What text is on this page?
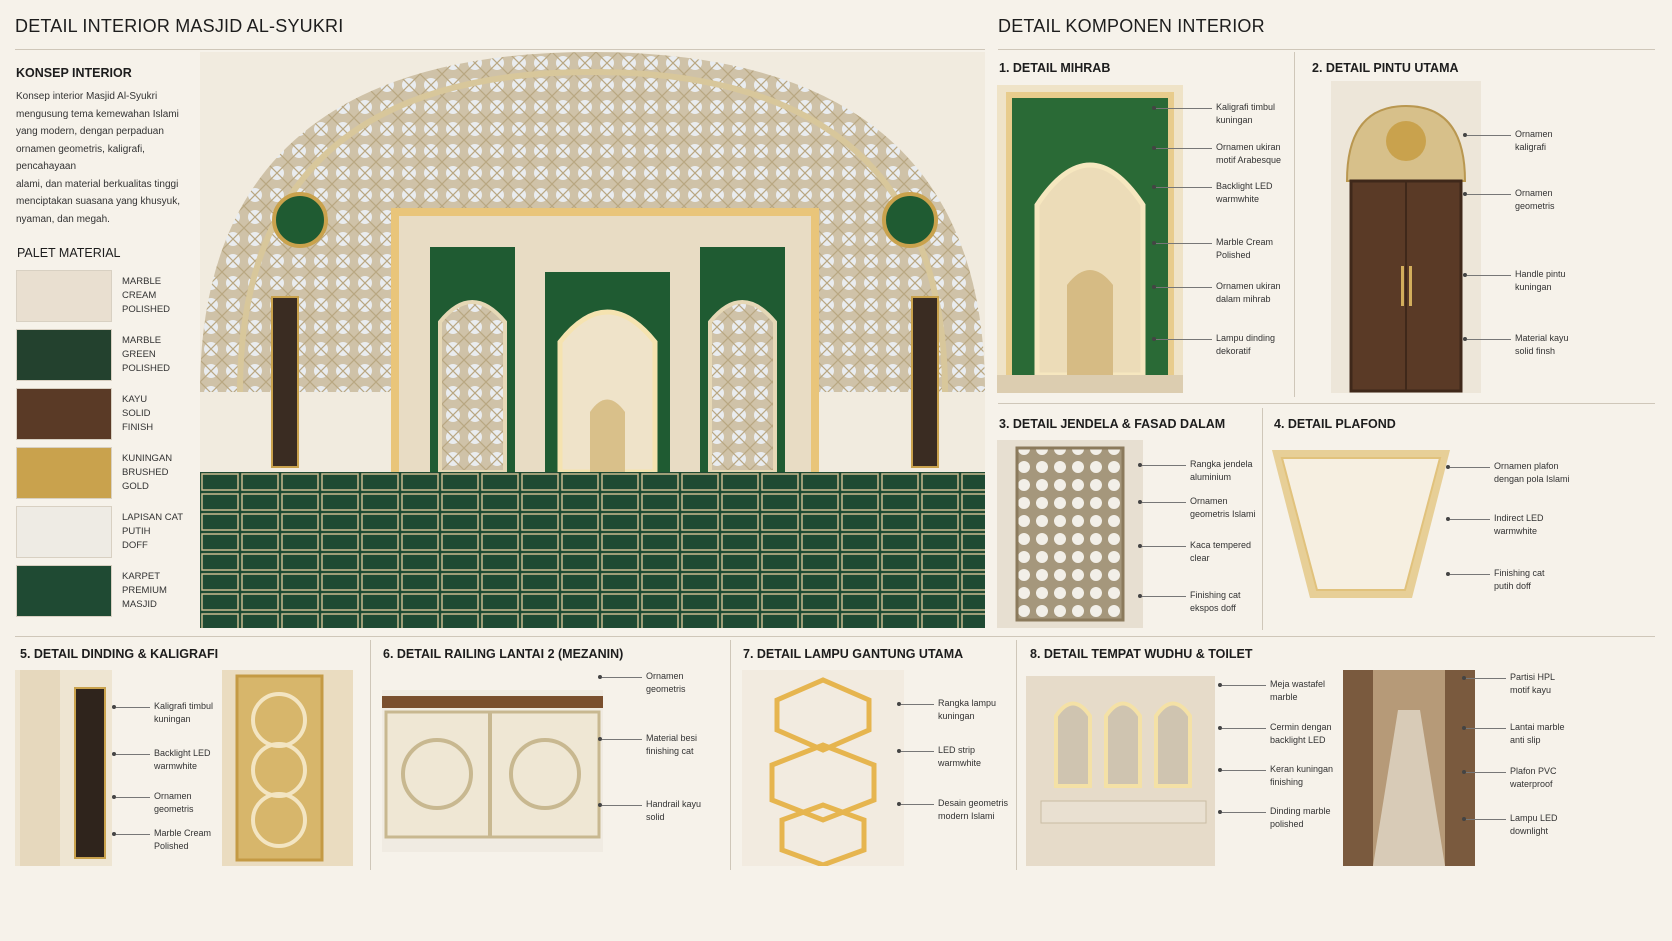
DETAIL INTERIOR MASJID AL-SYUKRI	DETAIL KOMPONEN INTERIOR
KONSEP INTERIOR
Konsep interior Masjid Al-Syukri
mengusung tema kemewahan Islami
yang modern, dengan perpaduan
ornamen geometris, kaligrafi, pencahayaan
alami, dan material berkualitas tinggi
menciptakan suasana yang khusyuk,
nyaman, dan megah.
PALET MATERIAL
MARBLE
CREAM
POLISHED
MARBLE
GREEN
POLISHED
KAYU
SOLID
FINISH
KUNINGAN
BRUSHED
GOLD
LAPISAN CAT
PUTIH
DOFF
KARPET
PREMIUM
MASJID
1. DETAIL MIHRAB	2. DETAIL PINTU UTAMA
3. DETAIL JENDELA & FASAD DALAM	4. DETAIL PLAFOND
5. DETAIL DINDING & KALIGRAFI	6. DETAIL RAILING LANTAI 2 (MEZANIN)	7. DETAIL LAMPU GANTUNG UTAMA	8. DETAIL TEMPAT WUDHU & TOILET
Kaligrafi timbul
kuningan
Ornamen ukiran
motif Arabesque
Backlight LED
warmwhite
Marble Cream
Polished
Ornamen ukiran
dalam mihrab
Lampu dinding
dekoratif
Ornamen
kaligrafi
Ornamen
geometris
Handle pintu
kuningan
Material kayu
solid finsh
Rangka jendela
aluminium
Ornamen
geometris Islami
Kaca tempered
clear
Finishing cat
ekspos doff
Ornamen plafon
dengan pola Islami
Indirect LED
warmwhite
Finishing cat
putih doff
Kaligrafi timbul
kuningan
Backlight LED
warmwhite
Ornamen
geometris
Marble Cream
Polished
Ornamen
geometris
Material besi
finishing cat
Handrail kayu
solid
Rangka lampu
kuningan
LED strip
warmwhite
Desain geometris
modern Islami
Meja wastafel
marble
Cermin dengan
backlight LED
Keran kuningan
finishing
Dinding marble
polished
Partisi HPL
motif kayu
Lantai marble
anti slip
Plafon PVC
waterproof
Lampu LED
downlight
